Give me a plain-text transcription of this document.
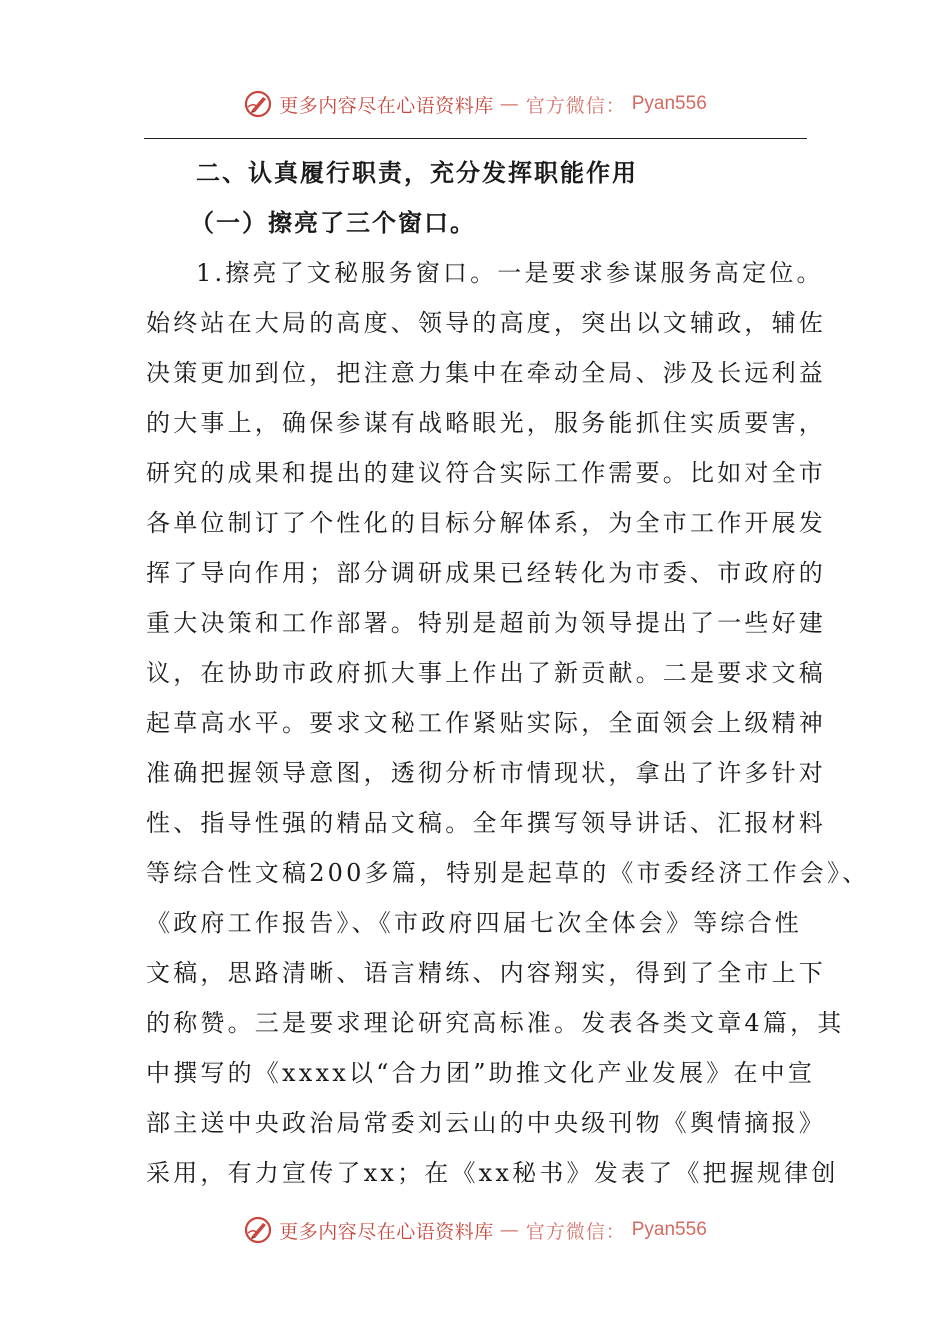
更多内容尽在心语资料库 — 官方微信： Pyan556
二、认真履行职责，充分发挥职能作用
（一）擦亮了三个窗口。
1.擦亮了文秘服务窗口。一是要求参谋服务高定位。
始终站在大局的高度、领导的高度，突出以文辅政，辅佐
决策更加到位，把注意力集中在牵动全局、涉及长远利益
的大事上，确保参谋有战略眼光，服务能抓住实质要害，
研究的成果和提出的建议符合实际工作需要。比如对全市
各单位制订了个性化的目标分解体系，为全市工作开展发
挥了导向作用；部分调研成果已经转化为市委、市政府的
重大决策和工作部署。特别是超前为领导提出了一些好建
议，在协助市政府抓大事上作出了新贡献。二是要求文稿
起草高水平。要求文秘工作紧贴实际，全面领会上级精神
准确把握领导意图，透彻分析市情现状，拿出了许多针对
性、指导性强的精品文稿。全年撰写领导讲话、汇报材料
等综合性文稿200多篇，特别是起草的《市委经济工作会》、
《政府工作报告》、《市政府四届七次全体会》等综合性
文稿，思路清晰、语言精练、内容翔实，得到了全市上下
的称赞。三是要求理论研究高标准。发表各类文章4篇，其
中撰写的《xxxx以“合力团”助推文化产业发展》在中宣
部主送中央政治局常委刘云山的中央级刊物《舆情摘报》
采用，有力宣传了xx；在《xx秘书》发表了《把握规律创
更多内容尽在心语资料库 — 官方微信： Pyan556
